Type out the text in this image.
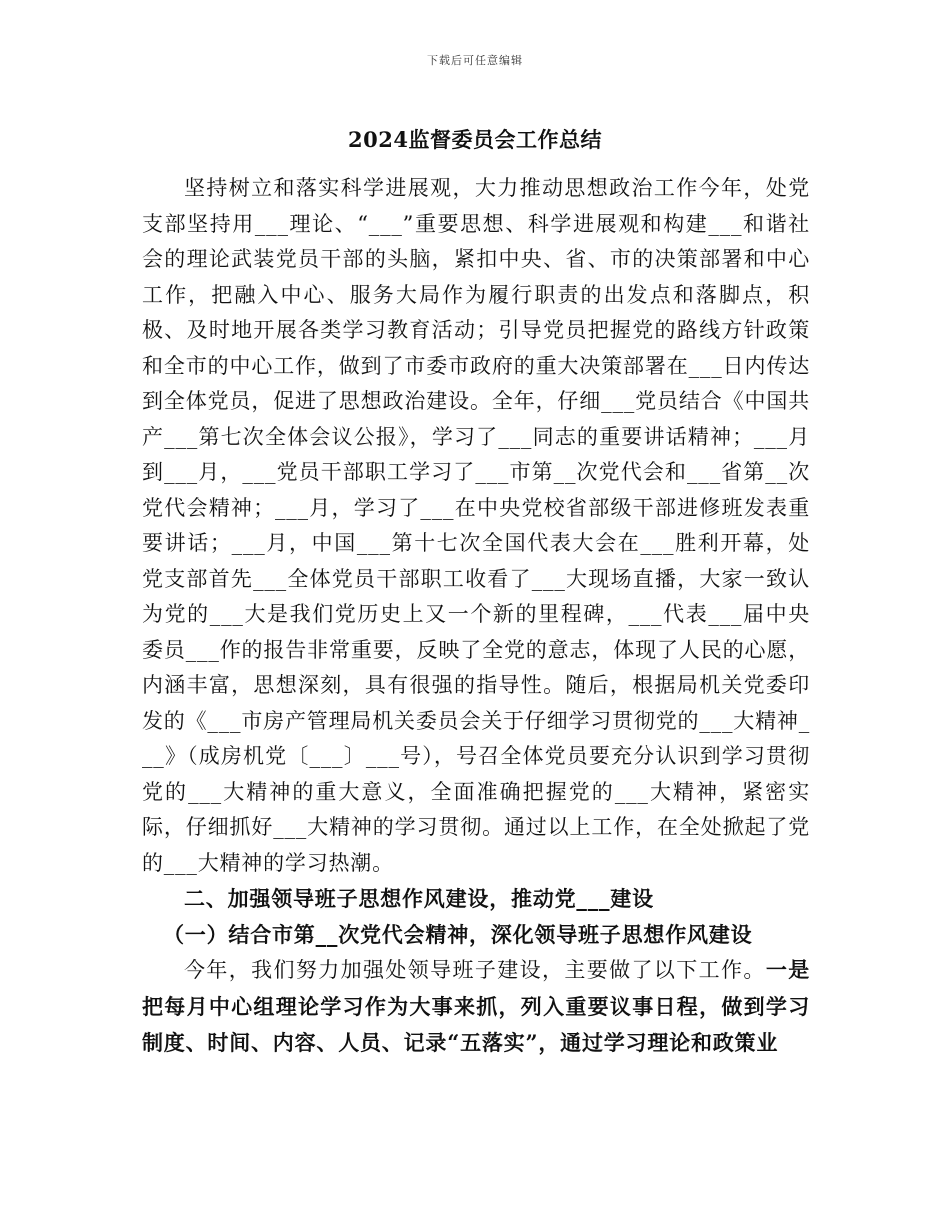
下载后可任意编辑
2024监督委员会工作总结

坚持树立和落实科学进展观，大力推动思想政治工作今年，处党支部坚持用___理论、“___”重要思想、科学进展观和构建___和谐社会的理论武装党员干部的头脑，紧扣中央、省、市的决策部署和中心工作，把融入中心、服务大局作为履行职责的出发点和落脚点，积极、及时地开展各类学习教育活动；引导党员把握党的路线方针政策和全市的中心工作，做到了市委市政府的重大决策部署在___日内传达到全体党员，促进了思想政治建设。全年，仔细___党员结合《中国共产___第七次全体会议公报》，学习了___同志的重要讲话精神；___月到___月，___党员干部职工学习了___市第__次党代会和___省第__次党代会精神；___月，学习了___在中央党校省部级干部进修班发表重要讲话；___月，中国___第十七次全国代表大会在___胜利开幕，处党支部首先___全体党员干部职工收看了___大现场直播，大家一致认为党的___大是我们党历史上又一个新的里程碑，___代表___届中央委员___作的报告非常重要，反映了全党的意志，体现了人民的心愿，内涵丰富，思想深刻，具有很强的指导性。随后，根据局机关党委印发的《___市房产管理局机关委员会关于仔细学习贯彻党的___大精神___》（成房机党〔___〕___号），号召全体党员要充分认识到学习贯彻党的___大精神的重大意义，全面准确把握党的___大精神，紧密实际，仔细抓好___大精神的学习贯彻。通过以上工作，在全处掀起了党的___大精神的学习热潮。

二、加强领导班子思想作风建设，推动党___建设

（一）结合市第__次党代会精神，深化领导班子思想作风建设

今年，我们努力加强处领导班子建设，主要做了以下工作。一是把每月中心组理论学习作为大事来抓，列入重要议事日程，做到学习制度、时间、内容、人员、记录“五落实”，通过学习理论和政策业
